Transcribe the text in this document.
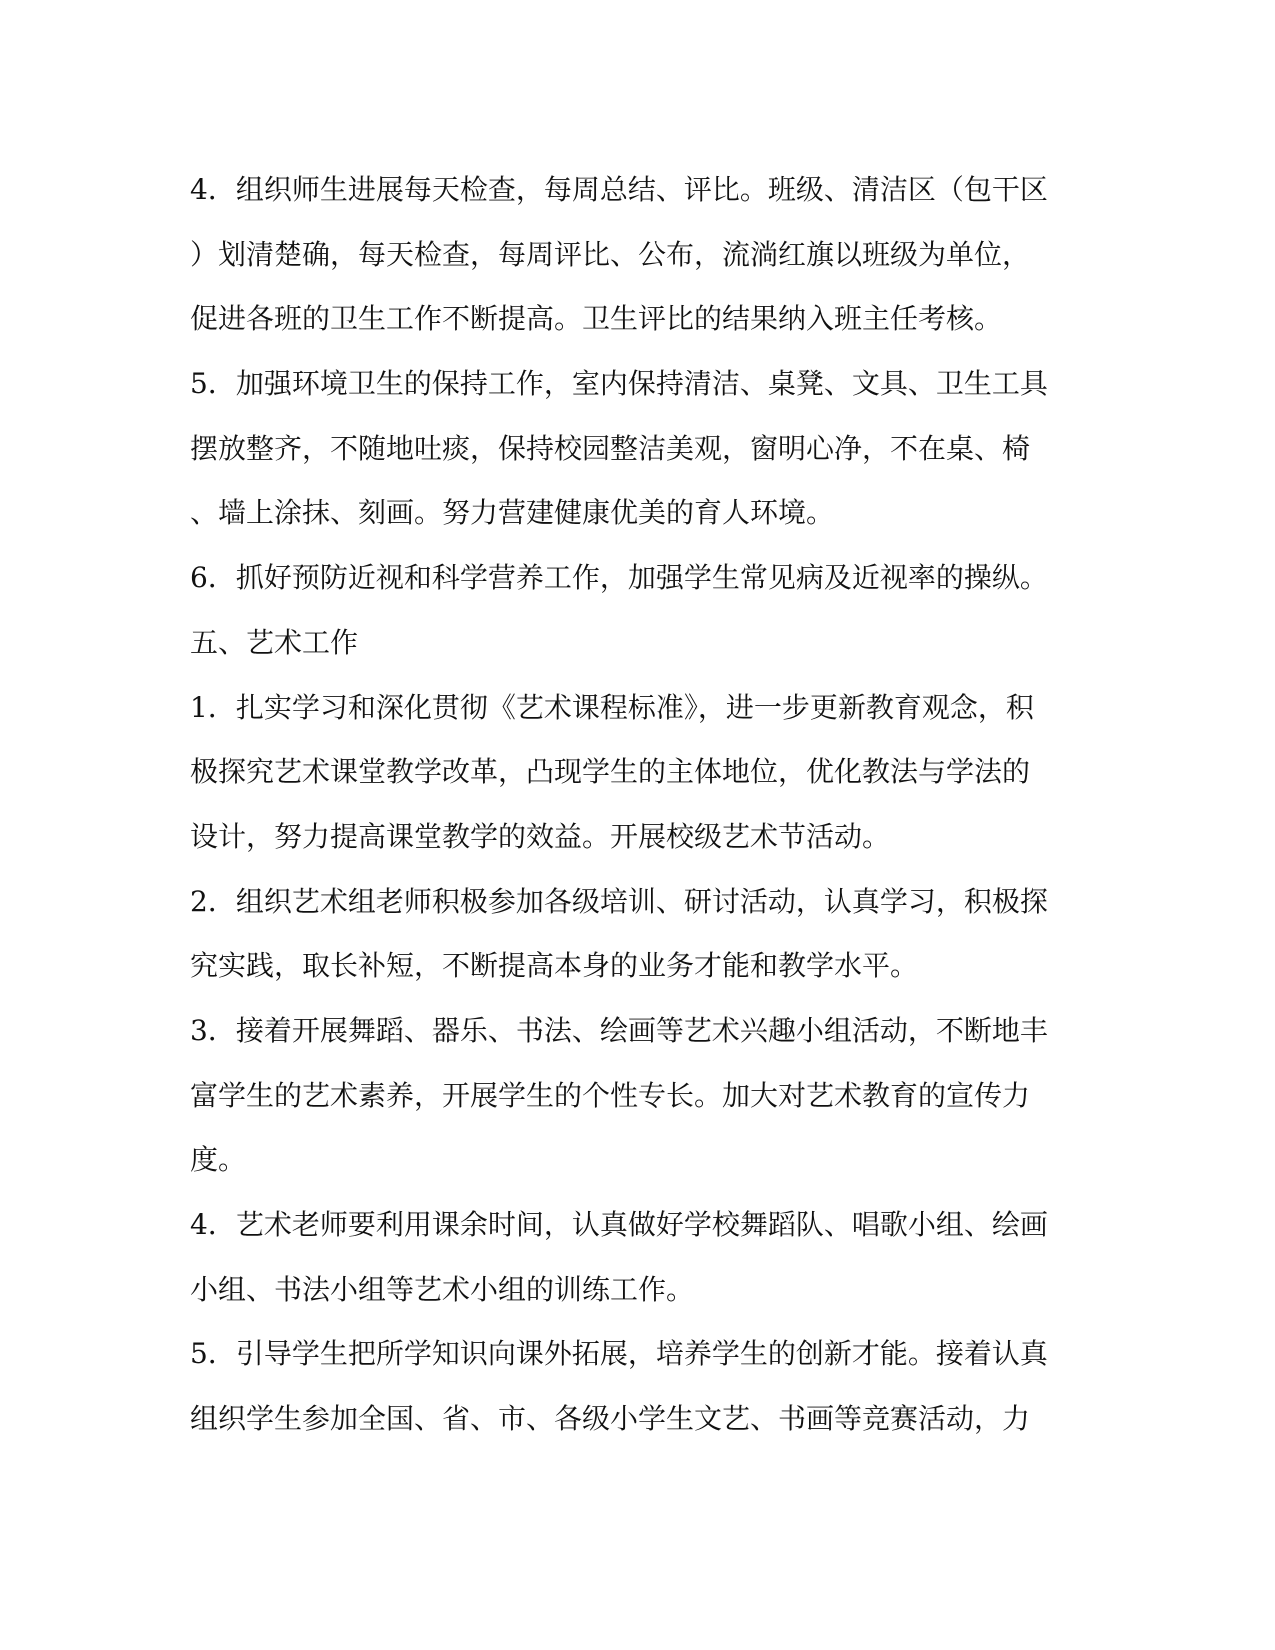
4．组织师生进展每天检查，每周总结、评比。班级、清洁区（包干区
）划清楚确，每天检查，每周评比、公布，流淌红旗以班级为单位，
促进各班的卫生工作不断提高。卫生评比的结果纳入班主任考核。
5．加强环境卫生的保持工作，室内保持清洁、桌凳、文具、卫生工具
摆放整齐，不随地吐痰，保持校园整洁美观，窗明心净，不在桌、椅
、墙上涂抹、刻画。努力营建健康优美的育人环境。
6．抓好预防近视和科学营养工作，加强学生常见病及近视率的操纵。
五、艺术工作
1．扎实学习和深化贯彻《艺术课程标准》，进一步更新教育观念，积
极探究艺术课堂教学改革，凸现学生的主体地位，优化教法与学法的
设计，努力提高课堂教学的效益。开展校级艺术节活动。
2．组织艺术组老师积极参加各级培训、研讨活动，认真学习，积极探
究实践，取长补短，不断提高本身的业务才能和教学水平。
3．接着开展舞蹈、器乐、书法、绘画等艺术兴趣小组活动，不断地丰
富学生的艺术素养，开展学生的个性专长。加大对艺术教育的宣传力
度。
4．艺术老师要利用课余时间，认真做好学校舞蹈队、唱歌小组、绘画
小组、书法小组等艺术小组的训练工作。
5．引导学生把所学知识向课外拓展，培养学生的创新才能。接着认真
组织学生参加全国、省、市、各级小学生文艺、书画等竞赛活动，力
